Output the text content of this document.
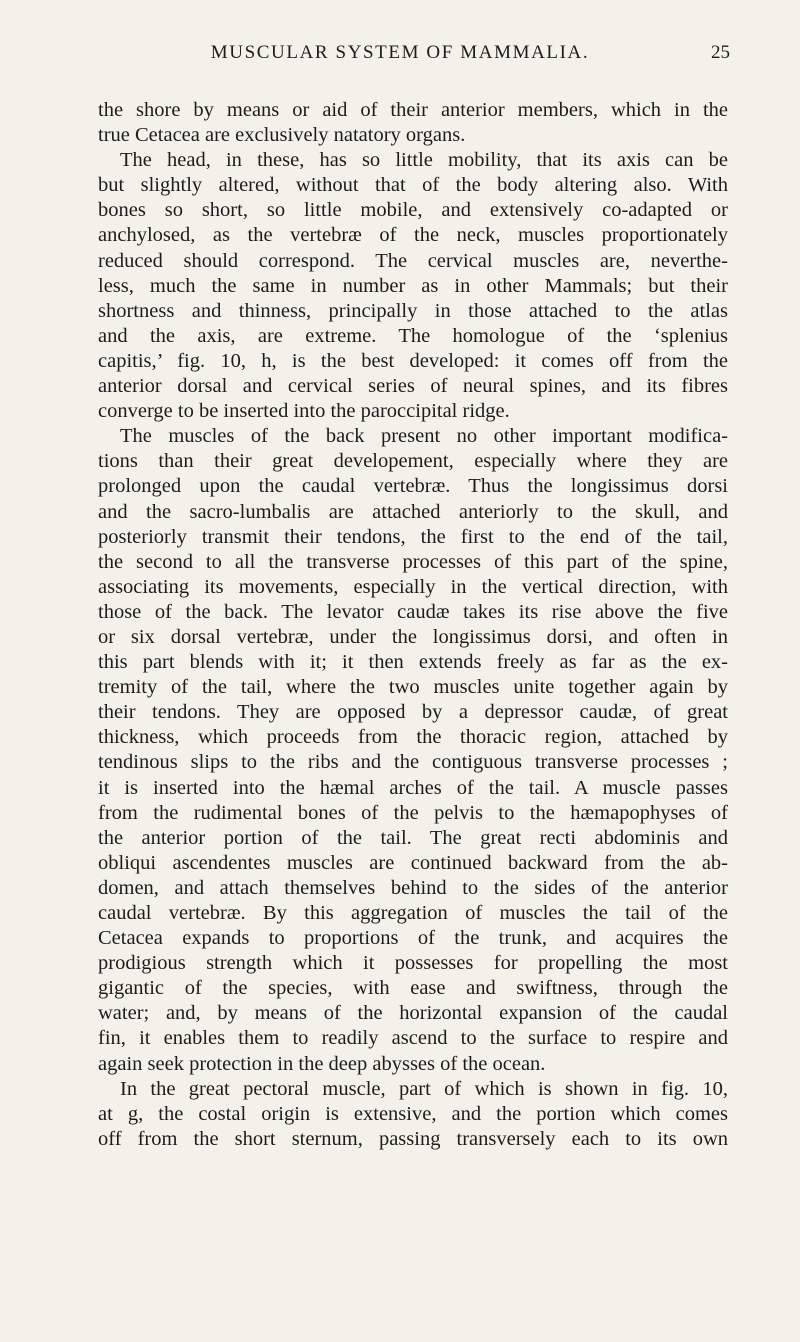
MUSCULAR SYSTEM OF MAMMALIA.	25
the shore by means or aid of their anterior members, which in the
true Cetacea are exclusively natatory organs.
The head, in these, has so little mobility, that its axis can be
but slightly altered, without that of the body altering also. With
bones so short, so little mobile, and extensively co-adapted or
anchylosed, as the vertebræ of the neck, muscles proportionately
reduced should correspond. The cervical muscles are, neverthe-
less, much the same in number as in other Mammals; but their
shortness and thinness, principally in those attached to the atlas
and the axis, are extreme. The homologue of the ‘splenius
capitis,’ fig. 10, h, is the best developed: it comes off from the
anterior dorsal and cervical series of neural spines, and its fibres
converge to be inserted into the paroccipital ridge.
The muscles of the back present no other important modifica-
tions than their great developement, especially where they are
prolonged upon the caudal vertebræ. Thus the longissimus dorsi
and the sacro-lumbalis are attached anteriorly to the skull, and
posteriorly transmit their tendons, the first to the end of the tail,
the second to all the transverse processes of this part of the spine,
associating its movements, especially in the vertical direction, with
those of the back. The levator caudæ takes its rise above the five
or six dorsal vertebræ, under the longissimus dorsi, and often in
this part blends with it; it then extends freely as far as the ex-
tremity of the tail, where the two muscles unite together again by
their tendons. They are opposed by a depressor caudæ, of great
thickness, which proceeds from the thoracic region, attached by
tendinous slips to the ribs and the contiguous transverse processes ;
it is inserted into the hæmal arches of the tail. A muscle passes
from the rudimental bones of the pelvis to the hæmapophyses of
the anterior portion of the tail. The great recti abdominis and
obliqui ascendentes muscles are continued backward from the ab-
domen, and attach themselves behind to the sides of the anterior
caudal vertebræ. By this aggregation of muscles the tail of the
Cetacea expands to proportions of the trunk, and acquires the
prodigious strength which it possesses for propelling the most
gigantic of the species, with ease and swiftness, through the
water; and, by means of the horizontal expansion of the caudal
fin, it enables them to readily ascend to the surface to respire and
again seek protection in the deep abysses of the ocean.
In the great pectoral muscle, part of which is shown in fig. 10,
at g, the costal origin is extensive, and the portion which comes
off from the short sternum, passing transversely each to its own
